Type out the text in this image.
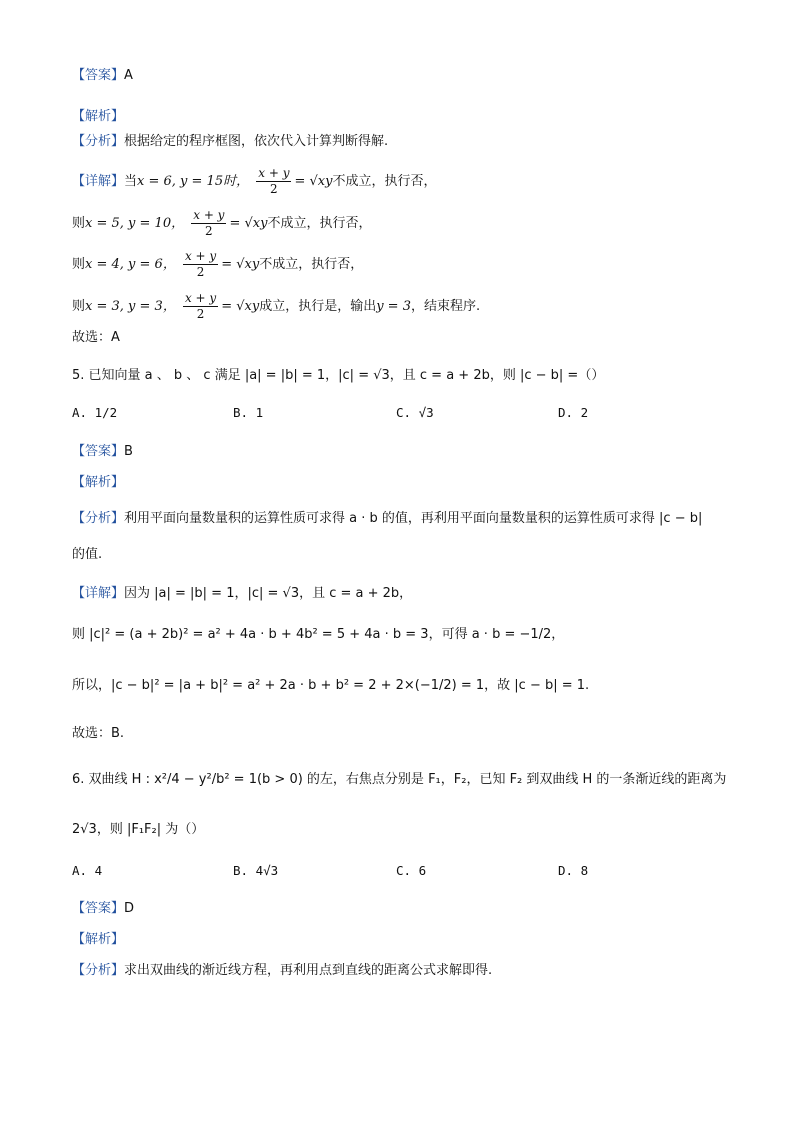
【答案】A
【解析】
【分析】根据给定的程序框图，依次代入计算判断得解.
【详解】当x = 6, y = 15时， $\frac{x + y}{2} = √xy$不成立，执行否，
则x = 5, y = 10， $\frac{x + y}{2} = √xy$不成立，执行否，
则x = 4, y = 6， $\frac{x + y}{2} = √xy$不成立，执行否，
则x = 3, y = 3， $\frac{x + y}{2} = √xy$成立，执行是，输出y = 3，结束程序.
故选：A
5. 已知向量 a 、 b 、 c 满足 |a| = |b| = 1，|c| = √3，且 c = a + 2b，则 |c − b| =（）
A. 1/2	B. 1	C. √3	D. 2
【答案】B
【解析】
【分析】利用平面向量数量积的运算性质可求得 a · b 的值，再利用平面向量数量积的运算性质可求得 |c − b|
的值.
【详解】因为 |a| = |b| = 1，|c| = √3，且 c = a + 2b，
则 |c|² = (a + 2b)² = a² + 4a · b + 4b² = 5 + 4a · b = 3，可得 a · b = −1/2，
所以，|c − b|² = |a + b|² = a² + 2a · b + b² = 2 + 2×(−1/2) = 1，故 |c − b| = 1.
故选：B.
6. 双曲线 H : x²/4 − y²/b² = 1(b > 0) 的左，右焦点分别是 F₁，F₂，已知 F₂ 到双曲线 H 的一条渐近线的距离为
2√3，则 |F₁F₂| 为（）
A. 4	B. 4√3	C. 6	D. 8
【答案】D
【解析】
【分析】求出双曲线的渐近线方程，再利用点到直线的距离公式求解即得.
